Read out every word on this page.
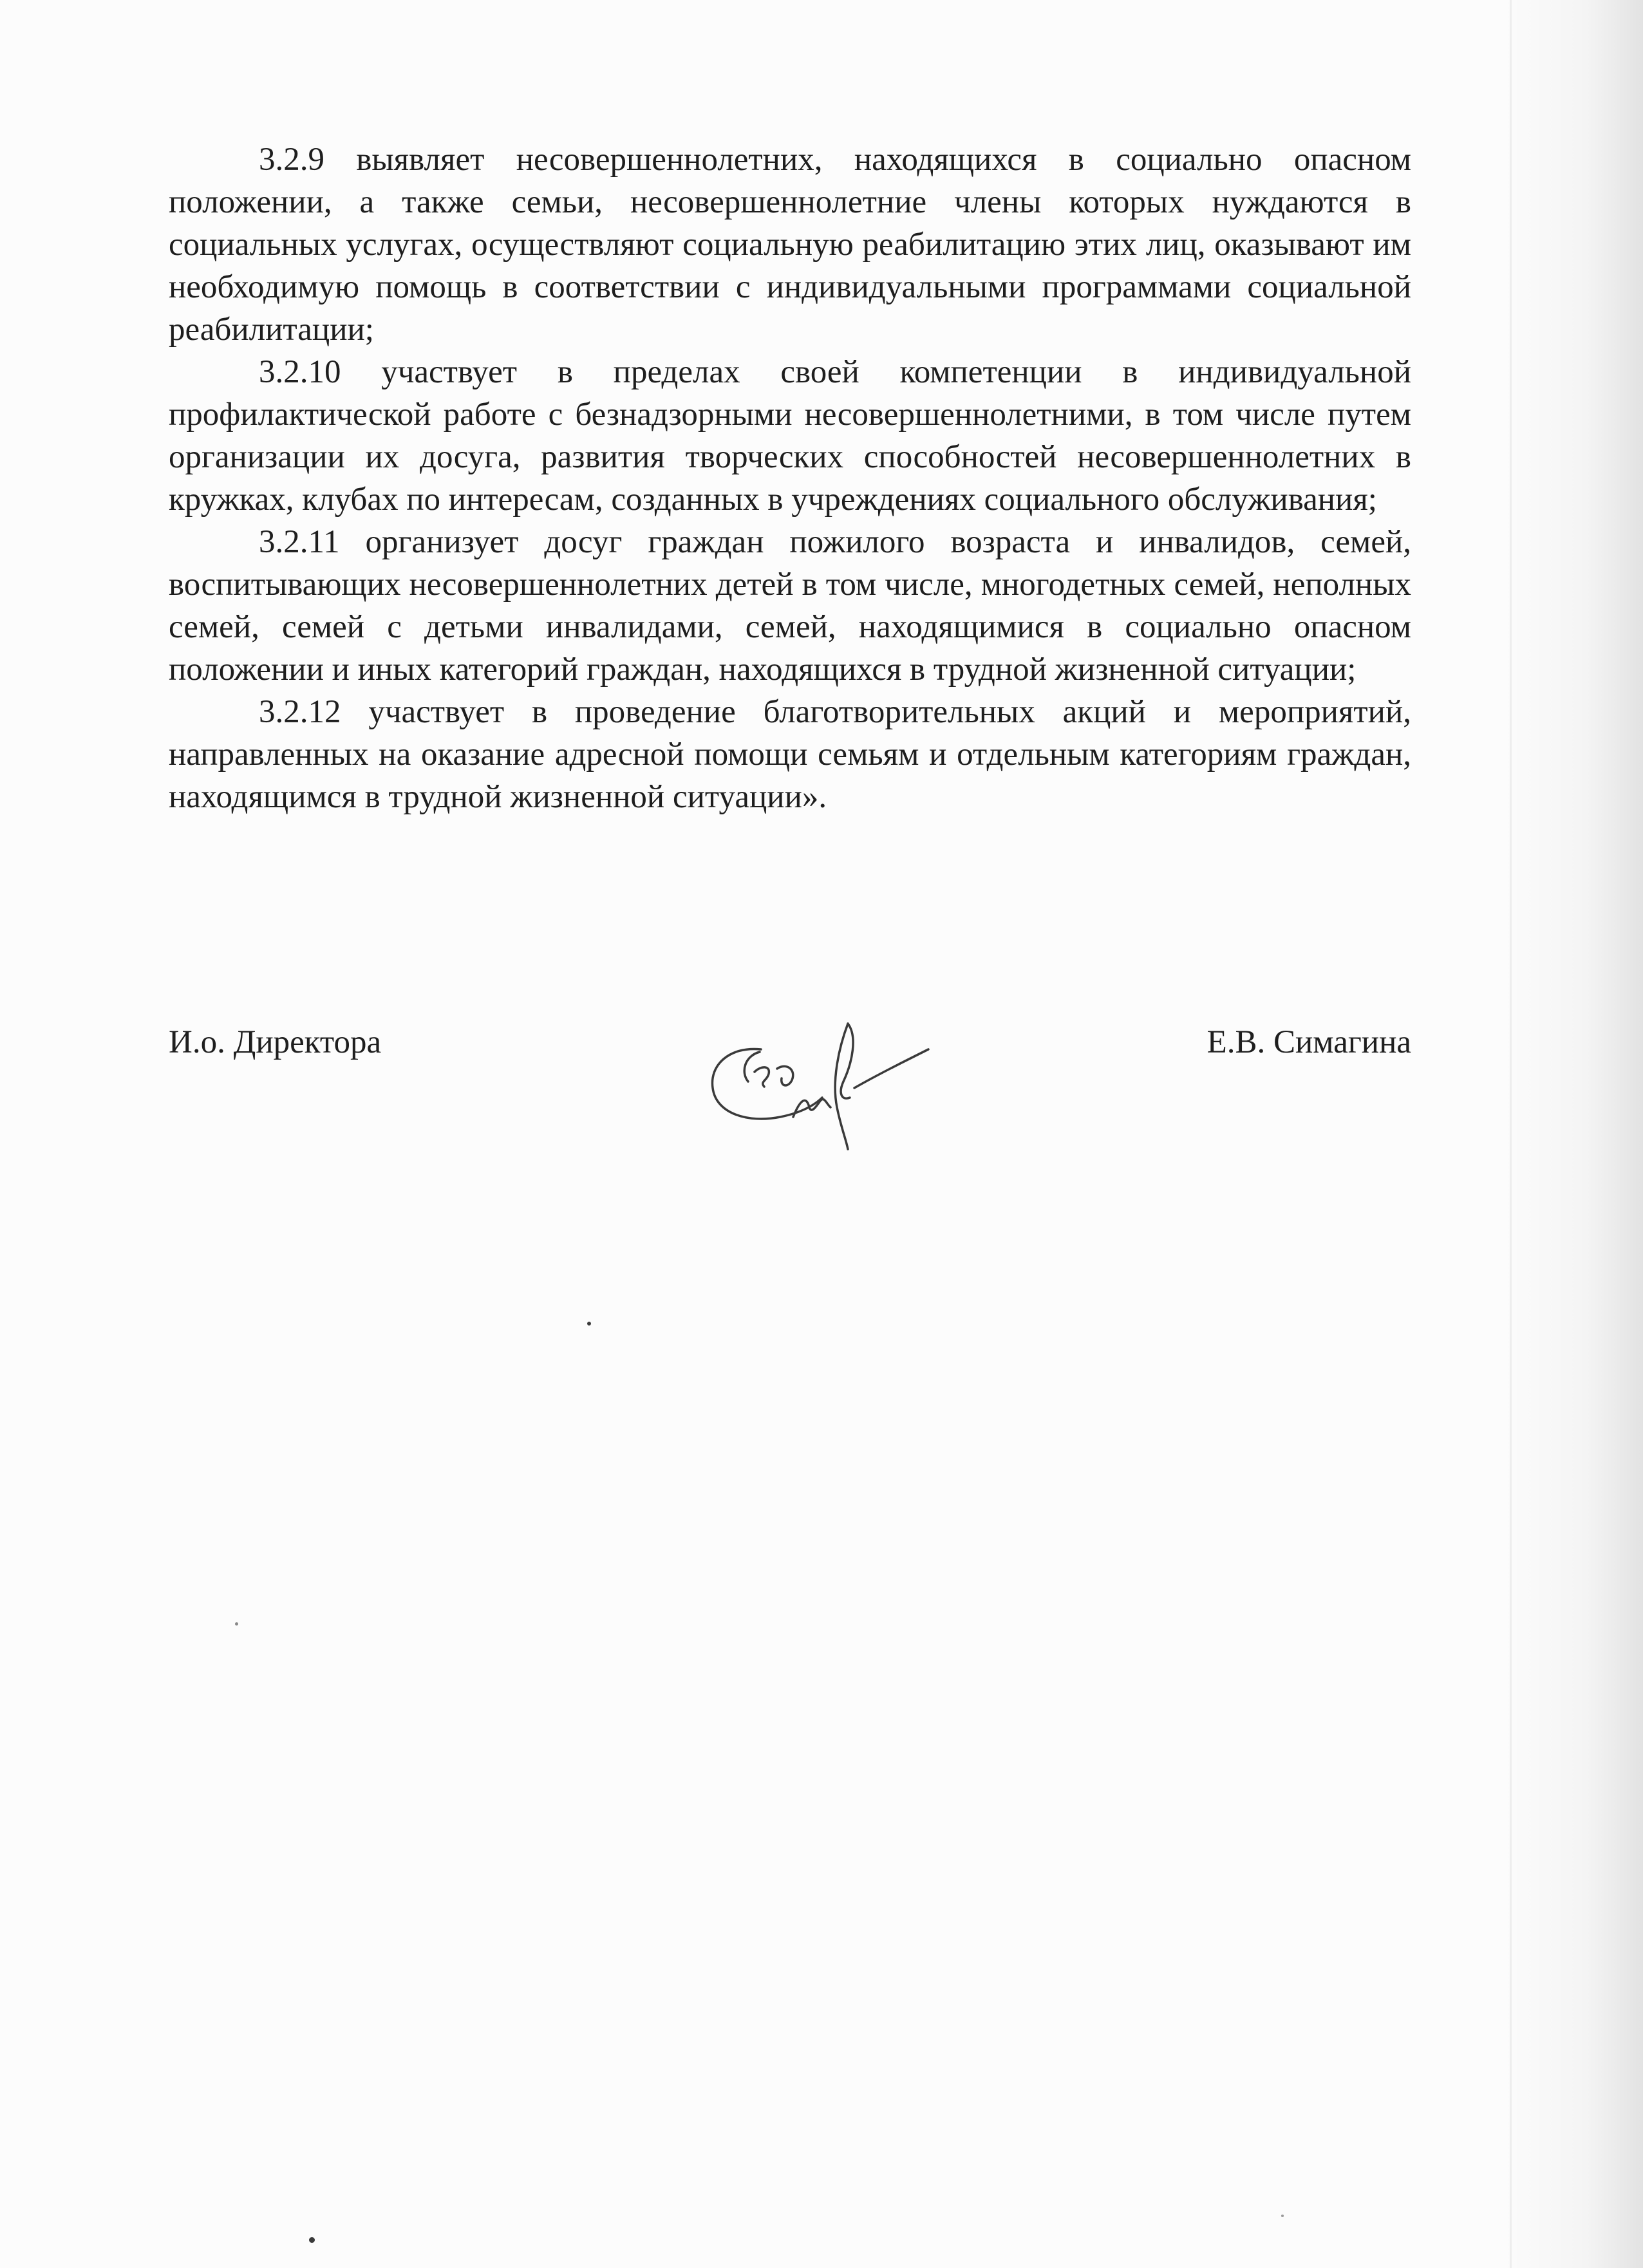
3.2.9 выявляет несовершеннолетних, находящихся в социально опасном положении, а также семьи, несовершеннолетние члены которых нуждаются в социальных услугах, осуществляют социальную реабилитацию этих лиц, оказывают им необходимую помощь в соответствии с индивидуальными программами социальной реабилитации;

3.2.10 участвует в пределах своей компетенции в индивидуальной профилактической работе с безнадзорными несовершеннолетними, в том числе путем организации их досуга, развития творческих способностей несовершеннолетних в кружках, клубах по интересам, созданных в учреждениях социального обслуживания;

3.2.11 организует досуг граждан пожилого возраста и инвалидов, семей, воспитывающих несовершеннолетних детей в том числе, многодетных семей, неполных семей, семей с детьми инвалидами, семей, находящимися в социально опасном положении и иных категорий граждан, находящихся в трудной жизненной ситуации;

3.2.12 участвует в проведение благотворительных акций и мероприятий, направленных на оказание адресной помощи семьям и отдельным категориям граждан, находящимся в трудной жизненной ситуации».

И.о. Директора	Е.В. Симагина
